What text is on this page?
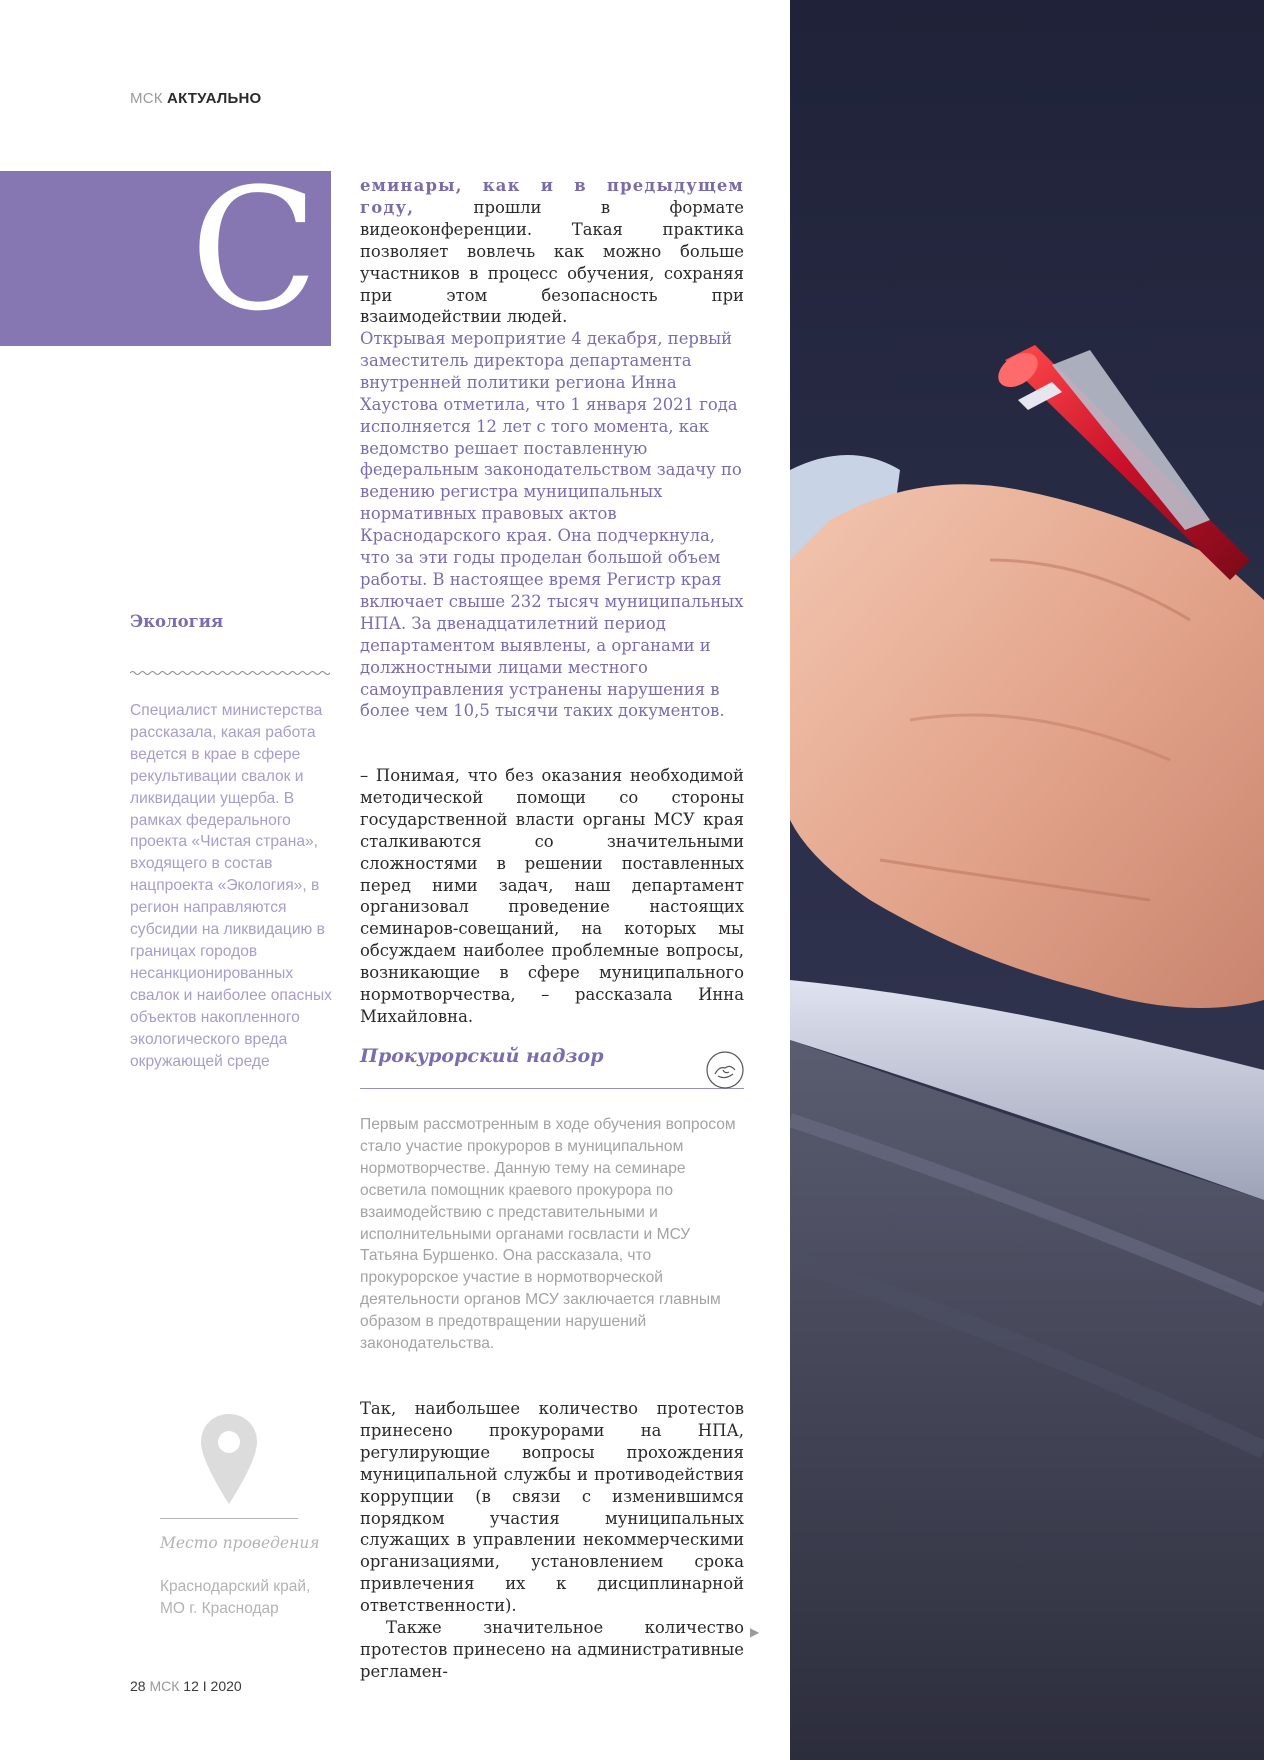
МСК АКТУАЛЬНО
С	еминары, как и в предыдущем году,	прошли в формате видеоконференции. Такая практика позволяет вовлечь как можно больше участников в процесс обучения, сохраняя при этом безопасность при взаимодействии людей.

Открывая мероприятие 4 декабря, первый заместитель директора департамента внутренней политики региона Инна Хаустова отметила, что 1 января 2021 года исполняется 12 лет с того момента, как ведомство решает поставленную федеральным законодательством задачу по ведению регистра муниципальных нормативных правовых актов Краснодарского края. Она подчеркнула, что за эти годы проделан большой объем работы. В настоящее время Регистр края включает свыше 232 тысяч муниципальных НПА. За двенадцатилетний период департаментом выявлены, а органами и должностными лицами местного самоуправления устранены нарушения в более чем 10,5 тысячи таких документов.

– Понимая, что без оказания необходимой методической помощи со стороны государственной власти органы МСУ края сталкиваются со значительными сложностями в решении поставленных перед ними задач, наш департамент организовал проведение настоящих семинаров-совещаний, на которых мы обсуждаем наиболее проблемные вопросы, возникающие в сфере муниципального нормотворчества, – рассказала Инна Михайловна.

Прокурорский надзор

Первым рассмотренным в ходе обучения вопросом стало участие прокуроров в муниципальном нормотворчестве. Данную тему на семинаре осветила помощник краевого прокурора по взаимодействию с представительными и исполнительными органами госвласти и МСУ Татьяна Буршенко. Она рассказала, что прокурорское участие в нормотворческой деятельности органов МСУ заключается главным образом в предотвращении нарушений законодательства.

Так, наибольшее количество протестов принесено прокурорами на НПА, регулирующие вопросы прохождения муниципальной службы и противодействия коррупции (в связи с изменившимся порядком участия муниципальных служащих в управлении некоммерческими организациями, установлением срока привлечения их к дисциплинарной ответственности).

Также значительное количество протестов принесено на административные регламен-

▶
Экология
Специалист министерства рассказала, какая работа ведется в крае в сфере рекультивации свалок и ликвидации ущерба. В рамках федерального проекта «Чистая страна», входящего в состав нацпроекта «Экология», в регион направляются субсидии на ликвидацию в границах городов несанкционированных свалок и наиболее опасных объектов накопленного экологического вреда окружающей среде
Место проведения
Краснодарский край, МО г. Краснодар
28 МСК 12 I 2020
